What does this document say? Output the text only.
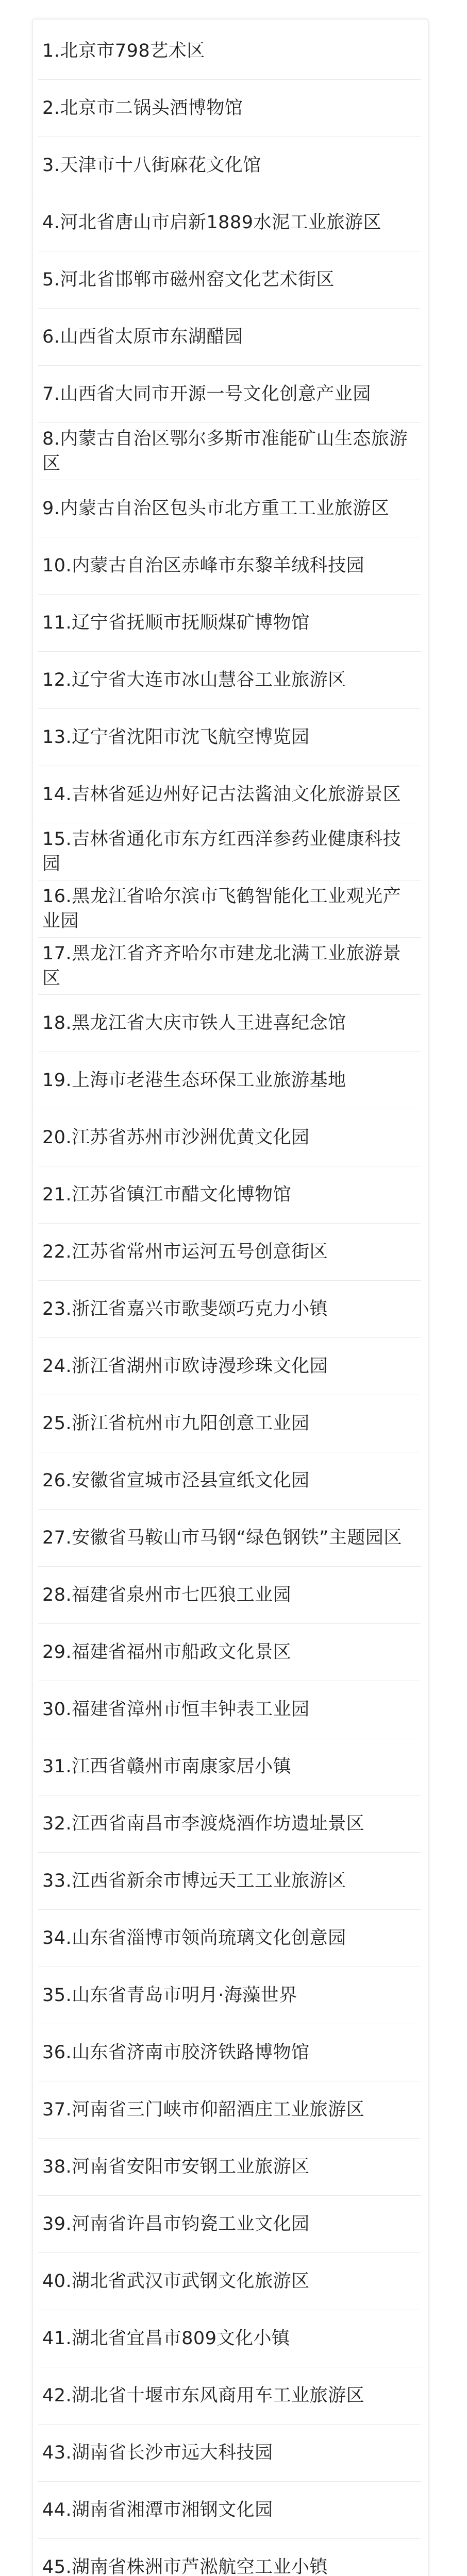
1.北京市798艺术区
2.北京市二锅头酒博物馆
3.天津市十八街麻花文化馆
4.河北省唐山市启新1889水泥工业旅游区
5.河北省邯郸市磁州窑文化艺术街区
6.山西省太原市东湖醋园
7.山西省大同市开源一号文化创意产业园
8.内蒙古自治区鄂尔多斯市准能矿山生态旅游区
9.内蒙古自治区包头市北方重工工业旅游区
10.内蒙古自治区赤峰市东黎羊绒科技园
11.辽宁省抚顺市抚顺煤矿博物馆
12.辽宁省大连市冰山慧谷工业旅游区
13.辽宁省沈阳市沈飞航空博览园
14.吉林省延边州好记古法酱油文化旅游景区
15.吉林省通化市东方红西洋参药业健康科技园
16.黑龙江省哈尔滨市飞鹤智能化工业观光产业园
17.黑龙江省齐齐哈尔市建龙北满工业旅游景区
18.黑龙江省大庆市铁人王进喜纪念馆
19.上海市老港生态环保工业旅游基地
20.江苏省苏州市沙洲优黄文化园
21.江苏省镇江市醋文化博物馆
22.江苏省常州市运河五号创意街区
23.浙江省嘉兴市歌斐颂巧克力小镇
24.浙江省湖州市欧诗漫珍珠文化园
25.浙江省杭州市九阳创意工业园
26.安徽省宣城市泾县宣纸文化园
27.安徽省马鞍山市马钢“绿色钢铁”主题园区
28.福建省泉州市七匹狼工业园
29.福建省福州市船政文化景区
30.福建省漳州市恒丰钟表工业园
31.江西省赣州市南康家居小镇
32.江西省南昌市李渡烧酒作坊遗址景区
33.江西省新余市博远天工工业旅游区
34.山东省淄博市领尚琉璃文化创意园
35.山东省青岛市明月·海藻世界
36.山东省济南市胶济铁路博物馆
37.河南省三门峡市仰韶酒庄工业旅游区
38.河南省安阳市安钢工业旅游区
39.河南省许昌市钧瓷工业文化园
40.湖北省武汉市武钢文化旅游区
41.湖北省宜昌市809文化小镇
42.湖北省十堰市东风商用车工业旅游区
43.湖南省长沙市远大科技园
44.湖南省湘潭市湘钢文化园
45.湖南省株洲市芦淞航空工业小镇
